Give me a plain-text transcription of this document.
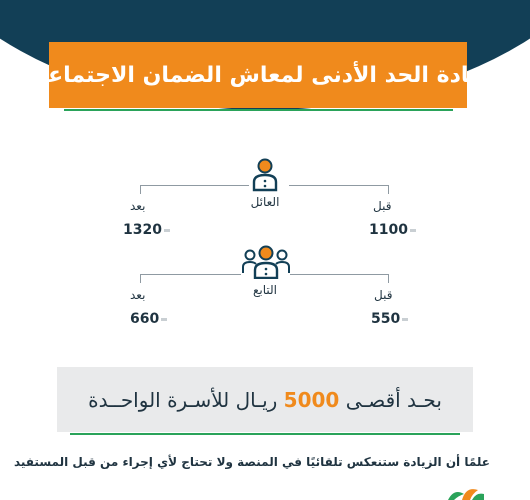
زيادة الحد الأدنى لمعاش الضمان الاجتماعي
العائل	قبل
بعد
1100
1320
التابع	قبل
بعد
550
660
بحـد أقصـى 5000 ريـال للأسـرة الواحــدة
علمًا أن الزيادة ستنعكس تلقائيًا في المنصة ولا تحتاج لأي إجراء من قبل المستفيد
